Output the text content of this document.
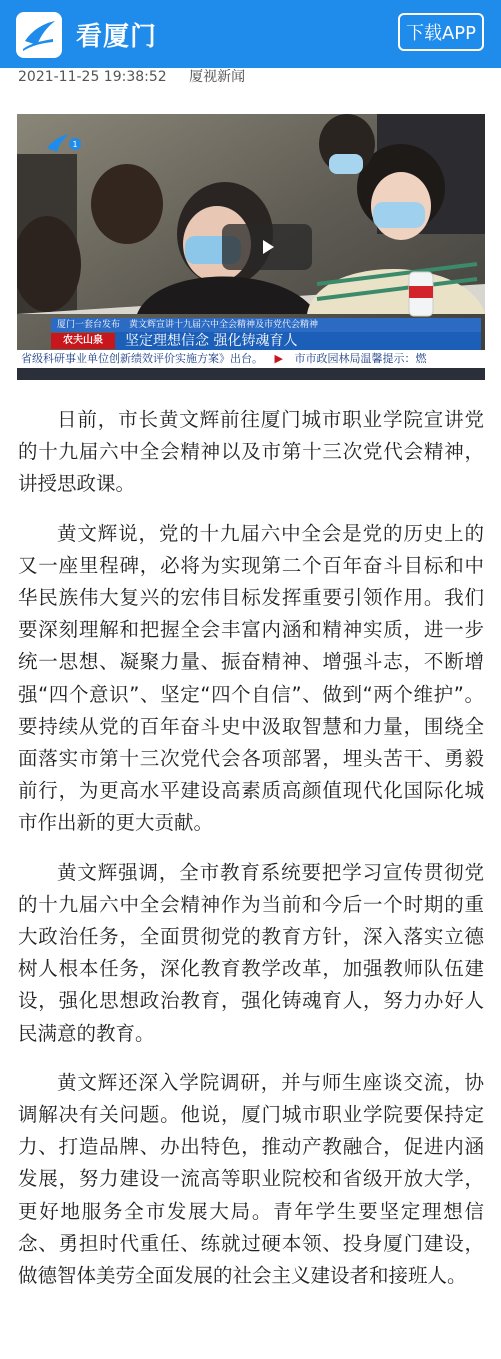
看厦门	下载APP
2021-11-25 19:38:52 厦视新闻
1
厦门一套台发布　黄文辉宣讲十九届六中全会精神及市党代会精神
农夫山泉	坚定理想信念 强化铸魂育人
省级科研事业单位创新绩效评价实施方案》出台。 ▶ 市市政园林局温馨提示：燃

日前，市长黄文辉前往厦门城市职业学院宣讲党的十九届六中全会精神以及市第十三次党代会精神，讲授思政课。

黄文辉说，党的十九届六中全会是党的历史上的又一座里程碑，必将为实现第二个百年奋斗目标和中华民族伟大复兴的宏伟目标发挥重要引领作用。我们要深刻理解和把握全会丰富内涵和精神实质，进一步统一思想、凝聚力量、振奋精神、增强斗志，不断增强“四个意识”、坚定“四个自信”、做到“两个维护”。要持续从党的百年奋斗史中汲取智慧和力量，围绕全面落实市第十三次党代会各项部署，埋头苦干、勇毅前行，为更高水平建设高素质高颜值现代化国际化城市作出新的更大贡献。

黄文辉强调，全市教育系统要把学习宣传贯彻党的十九届六中全会精神作为当前和今后一个时期的重大政治任务，全面贯彻党的教育方针，深入落实立德树人根本任务，深化教育教学改革，加强教师队伍建设，强化思想政治教育，强化铸魂育人，努力办好人民满意的教育。

黄文辉还深入学院调研，并与师生座谈交流，协调解决有关问题。他说，厦门城市职业学院要保持定力、打造品牌、办出特色，推动产教融合，促进内涵发展，努力建设一流高等职业院校和省级开放大学，更好地服务全市发展大局。青年学生要坚定理想信念、勇担时代重任、练就过硬本领、投身厦门建设，做德智体美劳全面发展的社会主义建设者和接班人。
